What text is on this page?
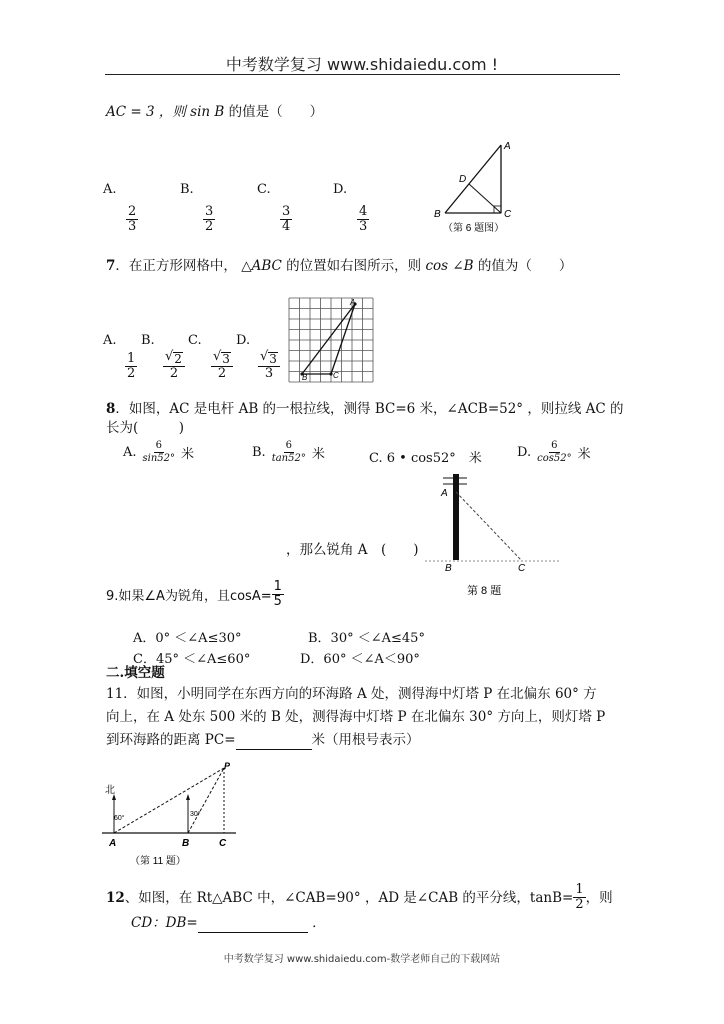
中考数学复习 www.shidaiedu.com !
AC = 3 ，则 sin B 的值是（　　）
A.	B.	C.	D.
$\frac{2}{3}$	$\frac{3}{2}$	$\frac{3}{4}$	$\frac{4}{3}$
A
D
B	C
（第 6 题图）
7．在正方形网格中， △ABC 的位置如右图所示，则 cos ∠B 的值为（　　）
A. B.	C.	D.
$\frac{1}{2} \frac{√ 2}{2} \frac{√ 3}{2} \frac{√ 3}{3}$
A
B	C
8．如图，AC 是电杆 AB 的一根拉线，测得 BC=6 米，∠ACB=52° ，则拉线 AC 的
长为(　　　)
A. $\frac{6}{\sin 52^\circ}$ 米	B. $\frac{6}{\tan 52^\circ}$ 米	C. 6 • cos52°　米	D. $\frac{6}{\cos 52^\circ}$ 米
A
B	C
第 8 题
，那么锐角 A　(　　)
9.如果∠A为锐角，且$\cos A= \frac{1}{5}$
A．0° ＜∠A≤30°	B．30° ＜∠A≤45°
C．45° ＜∠A≤60°	D．60° ＜∠A＜90°
二.填空题
11．如图，小明同学在东西方向的环海路 A 处，测得海中灯塔 P 在北偏东 60° 方
向上，在 A 处东 500 米的 B 处，测得海中灯塔 P 在北偏东 30° 方向上，则灯塔 P
到环海路的距离 PC=	米（用根号表示）
北
60°
30°
A	B	C
P
（第 11 题）
12 、如图，在 Rt△ABC 中，∠CAB=90° ，AD 是∠CAB 的平分线， $\tan B= \frac{1}{2}$ ，则
CD：DB=	．
中考数学复习 www.shidaiedu.com-数学老师自己的下载网站
